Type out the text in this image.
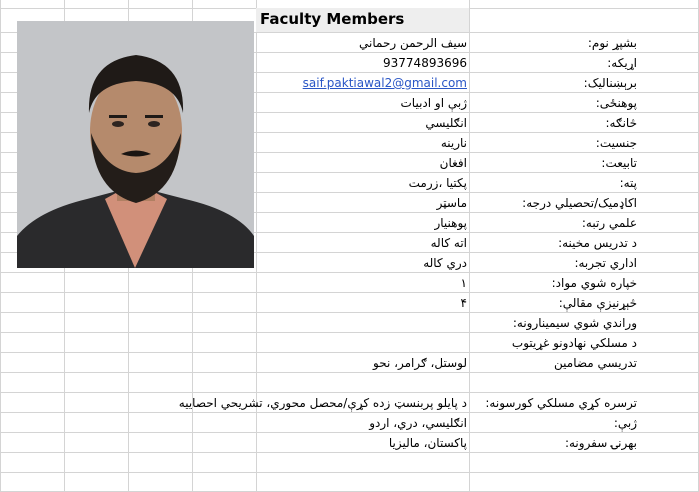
Faculty Members
بشپړ نوم:
سیف الرحمن رحماني
اړیکه:
93774893696
برېښنالیک:
saif.paktiawal2@gmail.com
پوهنځی:
ژبې او ادبیات
څانګه:
انګلیسي
جنسیت:
نارینه
تابیعت:
افغان
پته:
پکتیا ،زرمت
اکاډمیک/تحصیلي درجه:
ماسټر
علمي رتبه:
پوهنیار
د تدریس مخینه:
اته کاله
اداري تجربه:
دري کاله
خپاره شوي مواد:
۱
څېړنیزې مقالې:
۴
وراندي شوي سیمینارونه:
د مسلکي نهادونو غړیتوب
تدریسي مضامین
لوستل، ګرامر، نحو
ترسره کړي مسلکي کورسونه:
د پایلو پربنسټ زده کړې/محصل محوري، تشریحي احصاییه
ژبې:
انګلیسي، دري، اردو
بهرنۍ سفرونه:
پاکستان، مالیزیا
